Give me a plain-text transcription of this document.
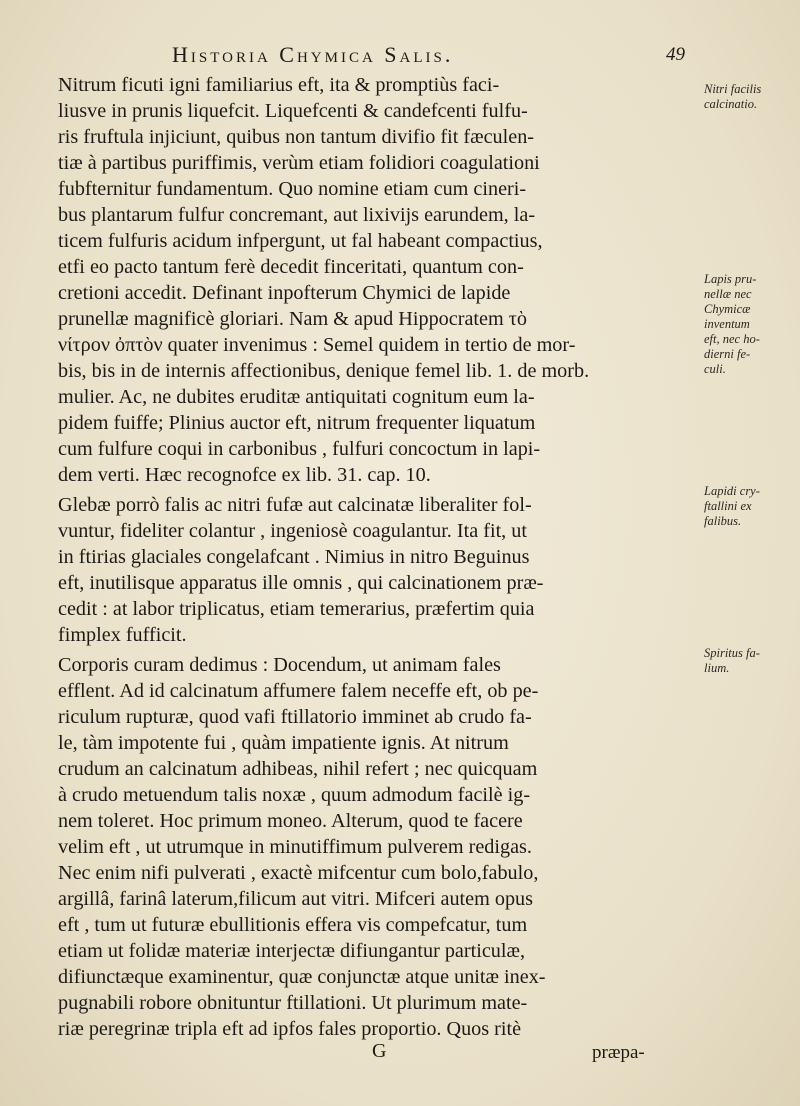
Historia Chymica Salis.	49
Nitrum ficuti igni familiarius eft, ita & promptiùs faci-
liusve in prunis liquefcit. Liquefcenti & candefcenti fulfu-
ris fruftula injiciunt, quibus non tantum divifio fit fæculen-
tiæ à partibus puriffimis, verùm etiam folidiori coagulationi
fubfternitur fundamentum. Quo nomine etiam cum cineri-
bus plantarum fulfur concremant, aut lixivijs earundem, la-
ticem fulfuris acidum infpergunt, ut fal habeant compactius,
etfi eo pacto tantum ferè decedit finceritati, quantum con-
cretioni accedit. Definant inpofterum Chymici de lapide
prunellæ magnificè gloriari. Nam & apud Hippocratem τὸ
νίτρον ὀπτὸν quater invenimus : Semel quidem in tertio de mor-
bis, bis in de internis affectionibus, denique femel lib. 1. de morb.
mulier. Ac, ne dubites eruditæ antiquitati cognitum eum la-
pidem fuiffe; Plinius auctor eft, nitrum frequenter liquatum
cum fulfure coqui in carbonibus , fulfuri concoctum in lapi-
dem verti. Hæc recognofce ex lib. 31. cap. 10.
Glebæ porrò falis ac nitri fufæ aut calcinatæ liberaliter fol-
vuntur, fideliter colantur , ingeniosè coagulantur. Ita fit, ut
in ftirias glaciales congelafcant . Nimius in nitro Beguinus
eft, inutilisque apparatus ille omnis , qui calcinationem præ-
cedit : at labor triplicatus, etiam temerarius, præfertim quia
fimplex fufficit.
Corporis curam dedimus : Docendum, ut animam fales
efflent. Ad id calcinatum affumere falem neceffe eft, ob pe-
riculum rupturæ, quod vafi ftillatorio imminet ab crudo fa-
le, tàm impotente fui , quàm impatiente ignis. At nitrum
crudum an calcinatum adhibeas, nihil refert ; nec quicquam
à crudo metuendum talis noxæ , quum admodum facilè ig-
nem toleret. Hoc primum moneo. Alterum, quod te facere
velim eft , ut utrumque in minutiffimum pulverem redigas.
Nec enim nifi pulverati , exactè mifcentur cum bolo,fabulo,
argillâ, farinâ laterum,filicum aut vitri. Mifceri autem opus
eft , tum ut futuræ ebullitionis effera vis compefcatur, tum
etiam ut folidæ materiæ interjectæ difiungantur particulæ,
difiunctæque examinentur, quæ conjunctæ atque unitæ inex-
pugnabili robore obnituntur ftillationi. Ut plurimum mate-
riæ peregrinæ tripla eft ad ipfos fales proportio. Quos ritè
Nitri facilis
calcinatio.
Lapis pru-
nellæ nec
Chymicæ
inventum
eft, nec ho-
dierni fe-
culi.
Lapidi cry-
ftallini ex
falibus.
Spiritus fa-
lium.
G	præpa-
